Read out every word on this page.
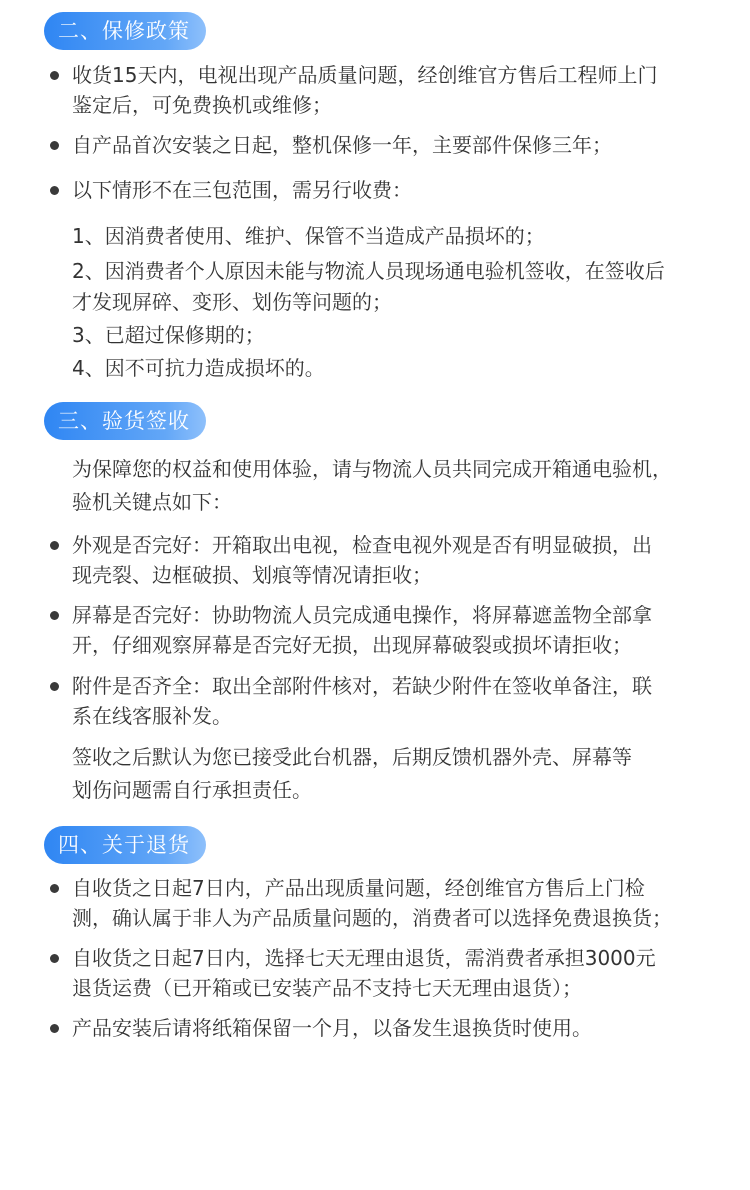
二、保修政策

收货15天内，电视出现产品质量问题，经创维官方售后工程师上门

鉴定后，可免费换机或维修；

自产品首次安装之日起，整机保修一年，主要部件保修三年；

以下情形不在三包范围，需另行收费：

1、因消费者使用、维护、保管不当造成产品损坏的；

2、因消费者个人原因未能与物流人员现场通电验机签收，在签收后

才发现屏碎、变形、划伤等问题的；

3、已超过保修期的；

4、因不可抗力造成损坏的。

三、验货签收

为保障您的权益和使用体验，请与物流人员共同完成开箱通电验机，

验机关键点如下：

外观是否完好：开箱取出电视，检查电视外观是否有明显破损，出

现壳裂、边框破损、划痕等情况请拒收；

屏幕是否完好：协助物流人员完成通电操作，将屏幕遮盖物全部拿

开，仔细观察屏幕是否完好无损，出现屏幕破裂或损坏请拒收；

附件是否齐全：取出全部附件核对，若缺少附件在签收单备注，联

系在线客服补发。

签收之后默认为您已接受此台机器，后期反馈机器外壳、屏幕等

划伤问题需自行承担责任。

四、关于退货

自收货之日起7日内，产品出现质量问题，经创维官方售后上门检

测，确认属于非人为产品质量问题的，消费者可以选择免费退换货；

自收货之日起7日内，选择七天无理由退货，需消费者承担3000元

退货运费（已开箱或已安装产品不支持七天无理由退货）；

产品安装后请将纸箱保留一个月，以备发生退换货时使用。
